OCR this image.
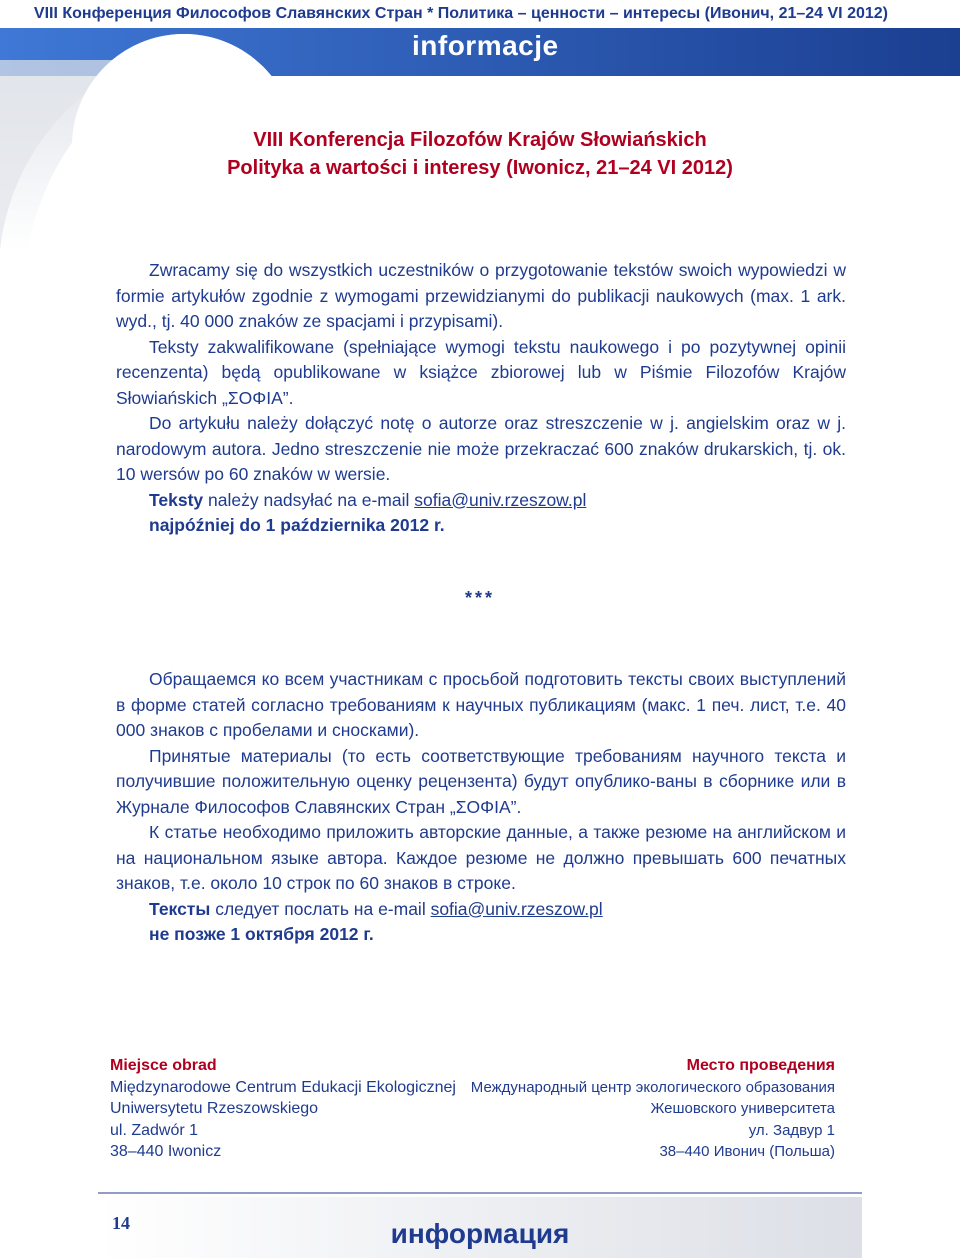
VIII Конференция Философов Славянских Стран * Политика – ценности – интересы (Ивонич, 21–24 VI 2012)
informacje
VIII Konferencja Filozofów Krajów Słowiańskich
Polityka a wartości i interesy (Iwonicz, 21–24 VI 2012)

Zwracamy się do wszystkich uczestników o przygotowanie tekstów swoich wypowiedzi w formie artykułów zgodnie z wymogami przewidzianymi do publikacji naukowych (max. 1 ark. wyd., tj. 40 000 znaków ze spacjami i przypisami).

Teksty zakwalifikowane (spełniające wymogi tekstu naukowego i po pozytywnej opinii recenzenta) będą opublikowane w książce zbiorowej lub w Piśmie Filozofów Krajów Słowiańskich „ΣΟΦΙΑ”.

Do artykułu należy dołączyć notę o autorze oraz streszczenie w j. angielskim oraz w j. narodowym autora. Jedno streszczenie nie może przekraczać 600 znaków drukarskich, tj. ok. 10 wersów po 60 znaków w wersie.

Teksty należy nadsyłać na e-mail sofia@univ.rzeszow.pl

najpóźniej do 1 października 2012 r.

***

Обращаемся ко всем участникам с просьбой подготовить тексты своих выступлений в форме статей согласно требованиям к научных публикациям (макс. 1 печ. лист, т.е. 40 000 знаков с пробелами и сносками).

Принятые материалы (то есть соответствующие требованиям научного текста и получившие положительную оценку рецензента) будут опублико-ваны в сборнике или в Журнале Философов Славянских Стран „ΣΟΦΙΑ”.

К статье необходимо приложить авторские данные, а также резюме на английском и на национальном языке автора. Каждое резюме не должно превышать 600 печатных знаков, т.е. около 10 строк по 60 знаков в строке.

Тексты следует послать на e-mail sofia@univ.rzeszow.pl

не позже 1 октября 2012 г.

Miejsce obrad
Międzynarodowe Centrum Edukacji Ekologicznej
Uniwersytetu Rzeszowskiego
ul. Zadwór 1
38–440 Iwonicz
Место проведения
Международный центр экологического образования
Жешовского университета
ул. Задвур 1
38–440 Ивонич (Польша)
14	информация
